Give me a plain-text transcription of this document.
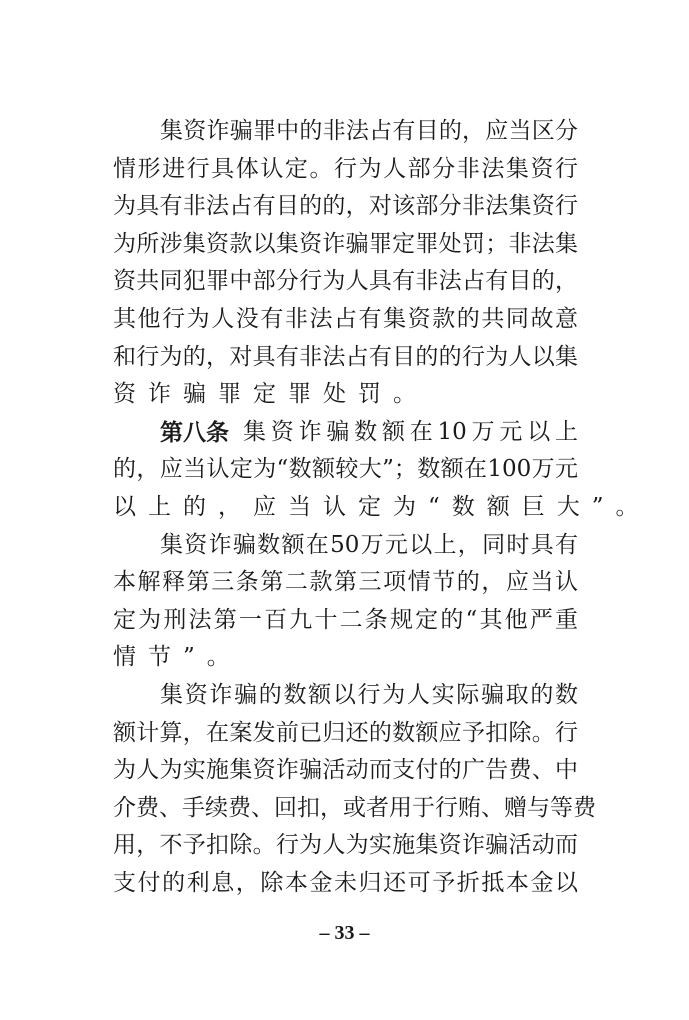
集资诈骗罪中的非法占有目的，应当区分
情形进行具体认定。行为人部分非法集资行
为具有非法占有目的的，对该部分非法集资行
为所涉集资款以集资诈骗罪定罪处罚；非法集
资共同犯罪中部分行为人具有非法占有目的，
其他行为人没有非法占有集资款的共同故意
和行为的，对具有非法占有目的的行为人以集
资诈骗罪定罪处罚。
第八条 集资诈骗数额在10万元以上
的，应当认定为“数额较大”；数额在100万元
以上的，应当认定为“数额巨大”。
集资诈骗数额在50万元以上，同时具有
本解释第三条第二款第三项情节的，应当认
定为刑法第一百九十二条规定的“其他严重
情节”。
集资诈骗的数额以行为人实际骗取的数
额计算，在案发前已归还的数额应予扣除。行
为人为实施集资诈骗活动而支付的广告费、中
介费、手续费、回扣，或者用于行贿、赠与等费
用，不予扣除。行为人为实施集资诈骗活动而
支付的利息，除本金未归还可予折抵本金以
– 33 –
